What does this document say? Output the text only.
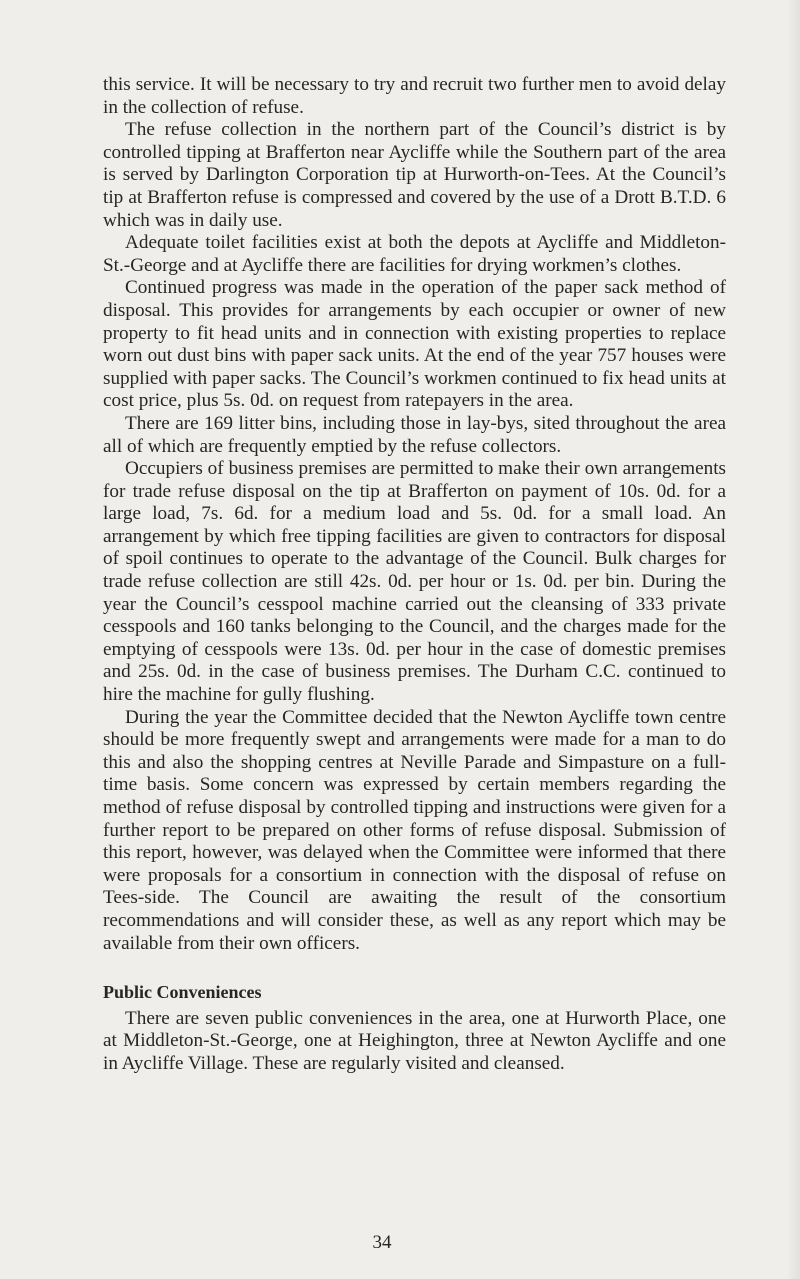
this service. It will be necessary to try and recruit two further men to avoid delay in the collection of refuse.

The refuse collection in the northern part of the Council’s district is by controlled tipping at Brafferton near Aycliffe while the Southern part of the area is served by Darlington Corporation tip at Hurworth-on-Tees. At the Council’s tip at Brafferton refuse is compressed and covered by the use of a Drott B.T.D. 6 which was in daily use.

Adequate toilet facilities exist at both the depots at Aycliffe and Middleton-St.-George and at Aycliffe there are facilities for drying workmen’s clothes.

Continued progress was made in the operation of the paper sack method of disposal. This provides for arrangements by each occupier or owner of new property to fit head units and in connection with existing properties to replace worn out dust bins with paper sack units. At the end of the year 757 houses were supplied with paper sacks. The Council’s workmen continued to fix head units at cost price, plus 5s. 0d. on request from ratepayers in the area.

There are 169 litter bins, including those in lay-bys, sited throughout the area all of which are frequently emptied by the refuse collectors.

Occupiers of business premises are permitted to make their own arrangements for trade refuse disposal on the tip at Brafferton on payment of 10s. 0d. for a large load, 7s. 6d. for a medium load and 5s. 0d. for a small load. An arrangement by which free tipping facilities are given to contractors for disposal of spoil continues to operate to the advantage of the Council. Bulk charges for trade refuse collection are still 42s. 0d. per hour or 1s. 0d. per bin. During the year the Council’s cesspool machine carried out the cleansing of 333 private cesspools and 160 tanks belonging to the Council, and the charges made for the emptying of cesspools were 13s. 0d. per hour in the case of domestic premises and 25s. 0d. in the case of business premises. The Durham C.C. continued to hire the machine for gully flushing.

During the year the Committee decided that the Newton Aycliffe town centre should be more frequently swept and arrangements were made for a man to do this and also the shopping centres at Neville Parade and Simpasture on a full-time basis. Some concern was expressed by certain members regarding the method of refuse disposal by controlled tipping and instructions were given for a further report to be prepared on other forms of refuse disposal. Submission of this report, however, was delayed when the Committee were informed that there were proposals for a consortium in connection with the disposal of refuse on Tees-side. The Council are awaiting the result of the consortium recommendations and will consider these, as well as any report which may be available from their own officers.

Public Conveniences

There are seven public conveniences in the area, one at Hurworth Place, one at Middleton-St.-George, one at Heighington, three at Newton Aycliffe and one in Aycliffe Village. These are regularly visited and cleansed.

34
